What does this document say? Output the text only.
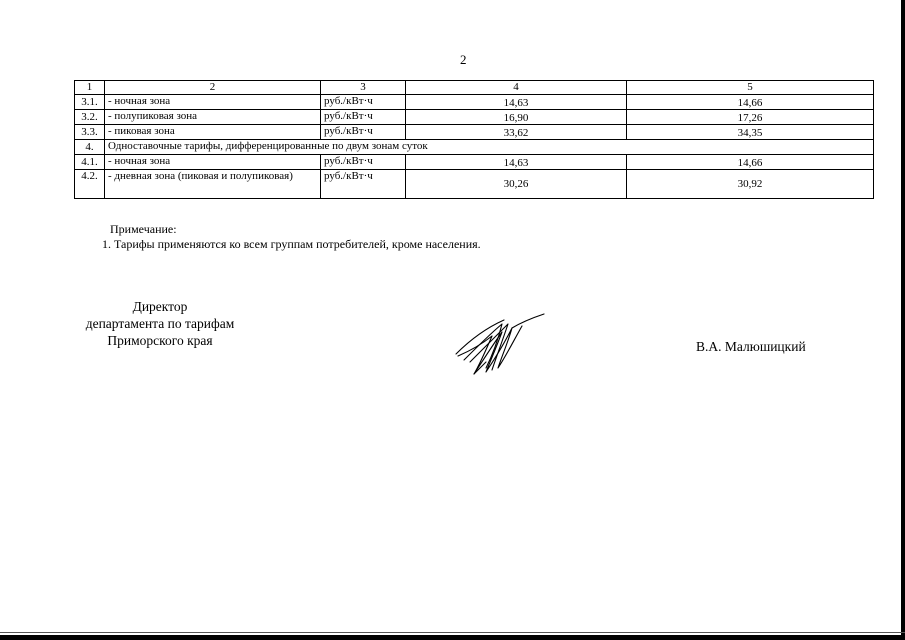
2
1	2	3	4	5
3.1.	- ночная зона	руб./кВт·ч	14,63	14,66
3.2.	- полупиковая зона	руб./кВт·ч	16,90	17,26
3.3.	- пиковая зона	руб./кВт·ч	33,62	34,35
4.	Одноставочные тарифы, дифференцированные по двум зонам суток			
4.1.	- ночная зона	руб./кВт·ч	14,63	14,66
4.2.	- дневная зона (пиковая и полупиковая)	руб./кВт·ч	30,26	30,92
Примечание:
1. Тарифы применяются ко всем группам потребителей, кроме населения.
Директор
департамента по тарифам
Приморского края	В.А. Малюшицкий
